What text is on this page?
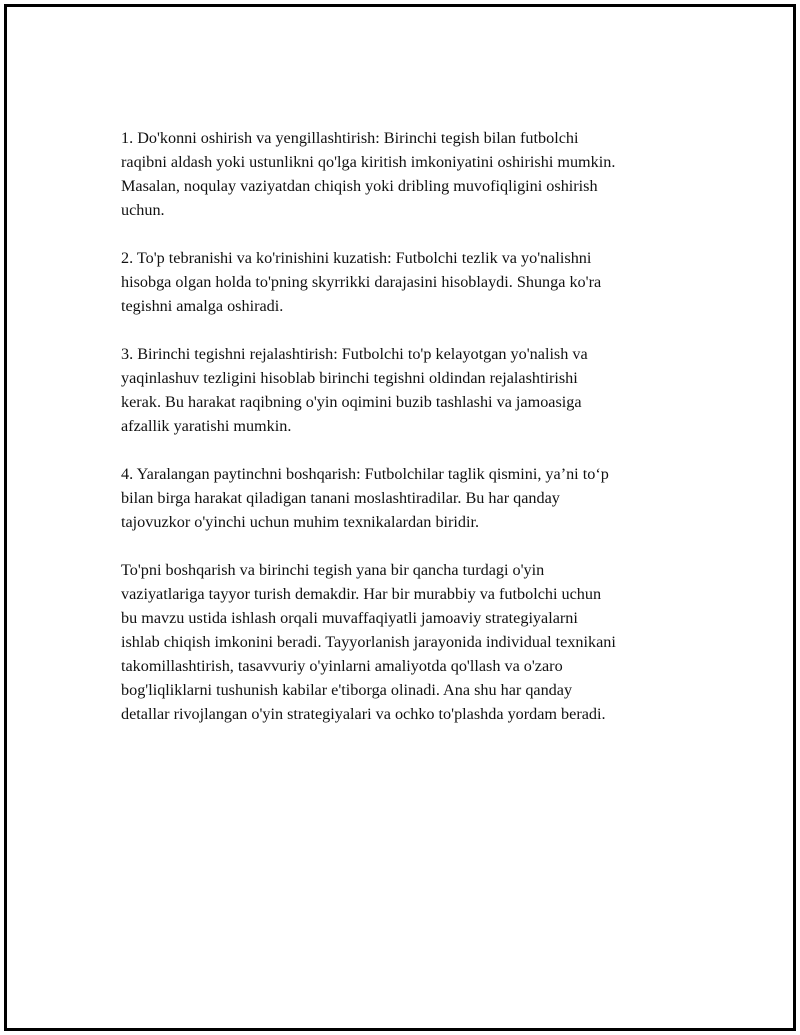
1. Do'konni oshirish va yengillashtirish: Birinchi tegish bilan futbolchi
raqibni aldash yoki ustunlikni qo'lga kiritish imkoniyatini oshirishi mumkin.
Masalan, noqulay vaziyatdan chiqish yoki dribling muvofiqligini oshirish
uchun.

2. To'p tebranishi va ko'rinishini kuzatish: Futbolchi tezlik va yo'nalishni
hisobga olgan holda to'pning skyrrikki darajasini hisoblaydi. Shunga ko'ra
tegishni amalga oshiradi.

3. Birinchi tegishni rejalashtirish: Futbolchi to'p kelayotgan yo'nalish va
yaqinlashuv tezligini hisoblab birinchi tegishni oldindan rejalashtirishi
kerak. Bu harakat raqibning o'yin oqimini buzib tashlashi va jamoasiga
afzallik yaratishi mumkin.

4. Yaralangan paytinchni boshqarish: Futbolchilar taglik qismini, ya’ni to‘p
bilan birga harakat qiladigan tanani moslashtiradilar. Bu har qanday
tajovuzkor o'yinchi uchun muhim texnikalardan biridir.

To'pni boshqarish va birinchi tegish yana bir qancha turdagi o'yin
vaziyatlariga tayyor turish demakdir. Har bir murabbiy va futbolchi uchun
bu mavzu ustida ishlash orqali muvaffaqiyatli jamoaviy strategiyalarni
ishlab chiqish imkonini beradi. Tayyorlanish jarayonida individual texnikani
takomillashtirish, tasavvuriy o'yinlarni amaliyotda qo'llash va o'zaro
bog'liqliklarni tushunish kabilar e'tiborga olinadi. Ana shu har qanday
detallar rivojlangan o'yin strategiyalari va ochko to'plashda yordam beradi.
